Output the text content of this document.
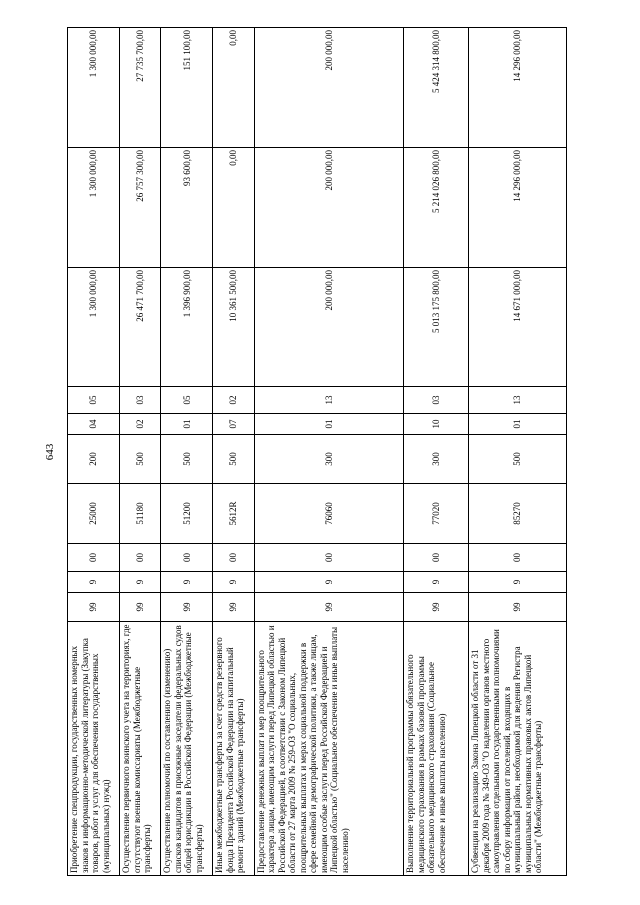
643
Приобретение спецпродукции, государственных номерных знаков и информационно-методической литературы (Закупка товаров, работ и услуг для обеспечения государственных (муниципальных) нужд)	99	9	00	25000	200	04	05	1 300 000,00	1 300 000,00	1 300 000,00
Осуществление первичного воинского учета на территориях, где отсутствуют военные комиссариаты (Межбюджетные трансферты)	99	9	00	51180	500	02	03	26 471 700,00	26 757 300,00	27 735 700,00
Осуществление полномочий по составлению (изменению) списков кандидатов в присяжные заседатели федеральных судов общей юрисдикции в Российской Федерации (Межбюджетные трансферты)	99	9	00	51200	500	01	05	1 396 900,00	93 600,00	151 100,00
Иные межбюджетные трансферты за счет средств резервного фонда Президента Российской Федерации на капитальный ремонт зданий (Межбюджетные трансферты)	99	9	00	5612R	500	07	02	10 361 500,00	0,00	0,00
Предоставление денежных выплат и мер поощрительного характера лицам, имеющим заслуги перед Липецкой областью и Российской Федерацией, в соответствии с Законом Липецкой области от 27 марта 2009 № 259-ОЗ "О социальных, поощрительных выплатах и мерах социальной поддержки в сфере семейной и демографической политики, а также лицам, имеющим особые заслуги перед Российской Федерацией и Липецкой областью" (Социальное обеспечение и иные выплаты населению)	99	9	00	76060	300	01	13	200 000,00	200 000,00	200 000,00
Выполнение территориальной программы обязательного медицинского страхования в рамках базовой программы обязательного медицинского страхования (Социальное обеспечение и иные выплаты населению)	99	9	00	77020	300	10	03	5 013 175 800,00	5 214 026 800,00	5 424 314 800,00
Субвенции на реализацию Закона Липецкой области от 31 декабря 2009 года № 349-ОЗ "О наделении органов местного самоуправления отдельными государственными полномочиями по сбору информации от поселений, входящих в муниципальный район, необходимой для ведения Регистра муниципальных нормативных правовых актов Липецкой области" (Межбюджетные трансферты)	99	9	00	85270	500	01	13	14 671 000,00	14 296 000,00	14 296 000,00
